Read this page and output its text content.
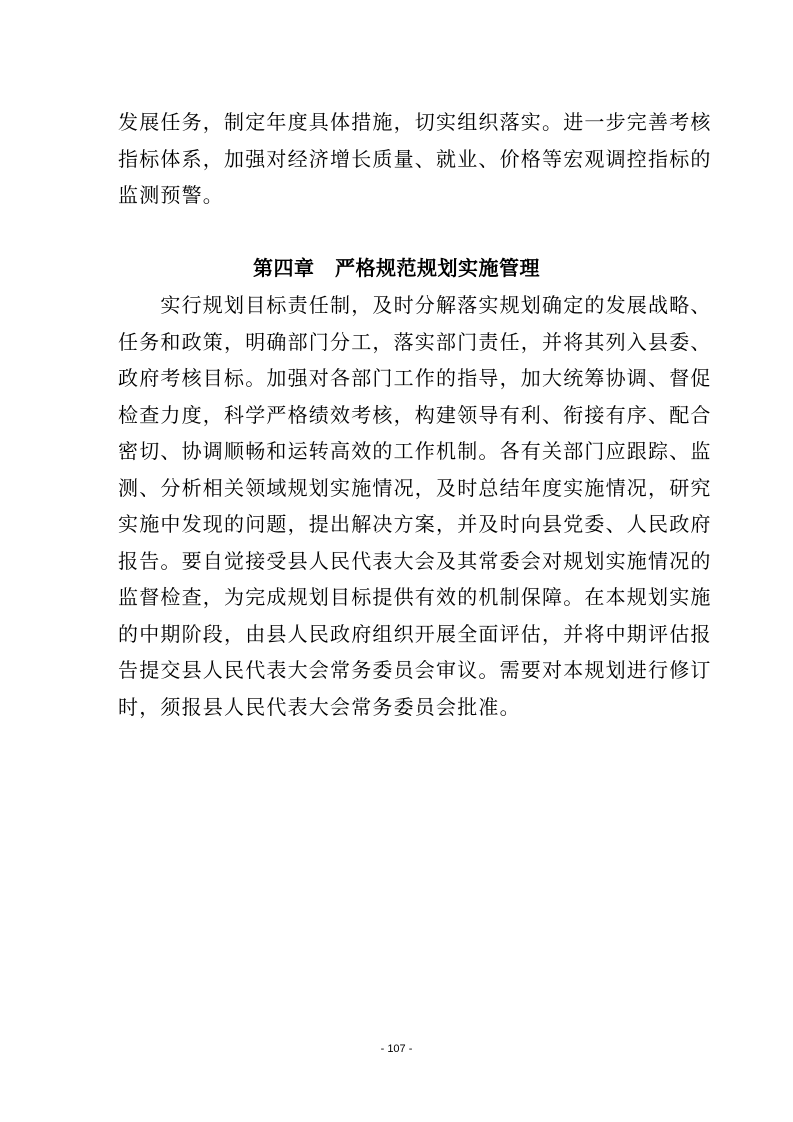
发展任务，制定年度具体措施，切实组织落实。进一步完善考核
指标体系，加强对经济增长质量、就业、价格等宏观调控指标的
监测预警。
第四章　严格规范规划实施管理
　　实行规划目标责任制，及时分解落实规划确定的发展战略、
任务和政策，明确部门分工，落实部门责任，并将其列入县委、
政府考核目标。加强对各部门工作的指导，加大统筹协调、督促
检查力度，科学严格绩效考核，构建领导有利、衔接有序、配合
密切、协调顺畅和运转高效的工作机制。各有关部门应跟踪、监
测、分析相关领域规划实施情况，及时总结年度实施情况，研究
实施中发现的问题，提出解决方案，并及时向县党委、人民政府
报告。要自觉接受县人民代表大会及其常委会对规划实施情况的
监督检查，为完成规划目标提供有效的机制保障。在本规划实施
的中期阶段，由县人民政府组织开展全面评估，并将中期评估报
告提交县人民代表大会常务委员会审议。需要对本规划进行修订
时，须报县人民代表大会常务委员会批准。
- 107 -
